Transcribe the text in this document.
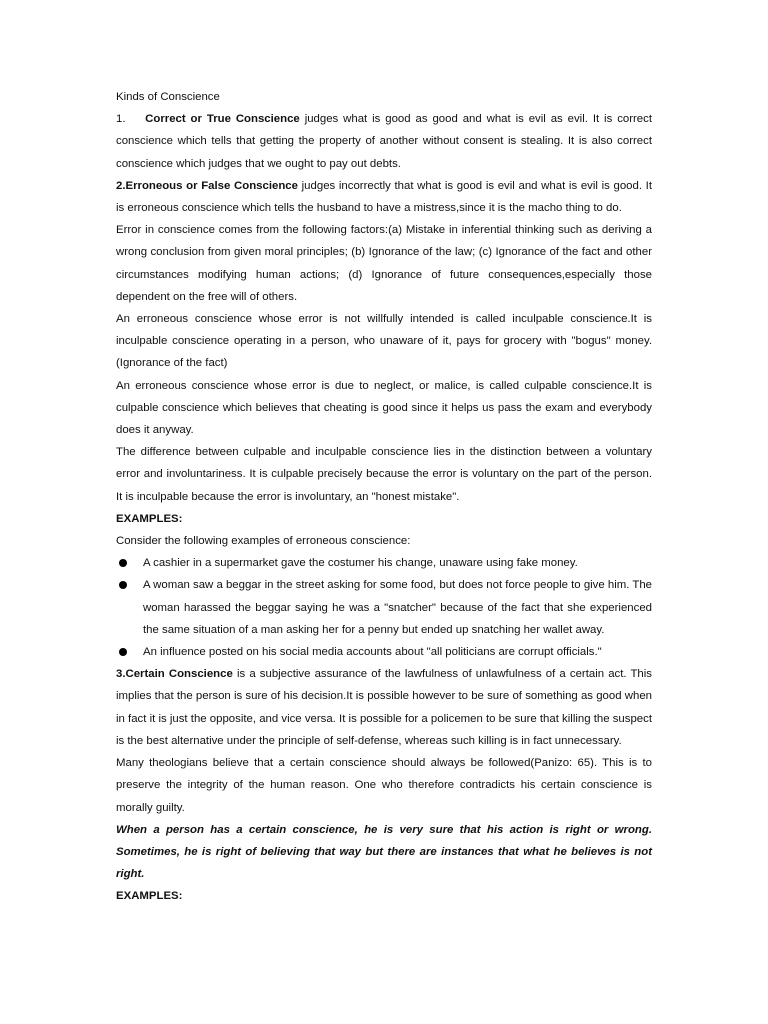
Kinds of Conscience

1. Correct or True Conscience judges what is good as good and what is evil as evil. It is correct conscience which tells that getting the property of another without consent is stealing. It is also correct conscience which judges that we ought to pay out debts.

2.Erroneous or False Conscience judges incorrectly that what is good is evil and what is evil is good. It is erroneous conscience which tells the husband to have a mistress,since it is the macho thing to do.

Error in conscience comes from the following factors:(a) Mistake in inferential thinking such as deriving a wrong conclusion from given moral principles; (b) Ignorance of the law; (c) Ignorance of the fact and other circumstances modifying human actions; (d) Ignorance of future consequences,especially those dependent on the free will of others.

An erroneous conscience whose error is not willfully intended is called inculpable conscience.It is inculpable conscience operating in a person, who unaware of it, pays for grocery with "bogus" money. (Ignorance of the fact)

An erroneous conscience whose error is due to neglect, or malice, is called culpable conscience.It is culpable conscience which believes that cheating is good since it helps us pass the exam and everybody does it anyway.

The difference between culpable and inculpable conscience lies in the distinction between a voluntary error and involuntariness. It is culpable precisely because the error is voluntary on the part of the person. It is inculpable because the error is involuntary, an "honest mistake".

EXAMPLES:

Consider the following examples of erroneous conscience:

A cashier in a supermarket gave the costumer his change, unaware using fake money.
A woman saw a beggar in the street asking for some food, but does not force people to give him. The woman harassed the beggar saying he was a "snatcher" because of the fact that she experienced the same situation of a man asking her for a penny but ended up snatching her wallet away.
An influence posted on his social media accounts about "all politicians are corrupt officials."

3.Certain Conscience is a subjective assurance of the lawfulness of unlawfulness of a certain act. This implies that the person is sure of his decision.It is possible however to be sure of something as good when in fact it is just the opposite, and vice versa. It is possible for a policemen to be sure that killing the suspect is the best alternative under the principle of self-defense, whereas such killing is in fact unnecessary.

Many theologians believe that a certain conscience should always be followed(Panizo: 65). This is to preserve the integrity of the human reason. One who therefore contradicts his certain conscience is morally guilty.

When a person has a certain conscience, he is very sure that his action is right or wrong. Sometimes, he is right of believing that way but there are instances that what he believes is not right.

EXAMPLES:
